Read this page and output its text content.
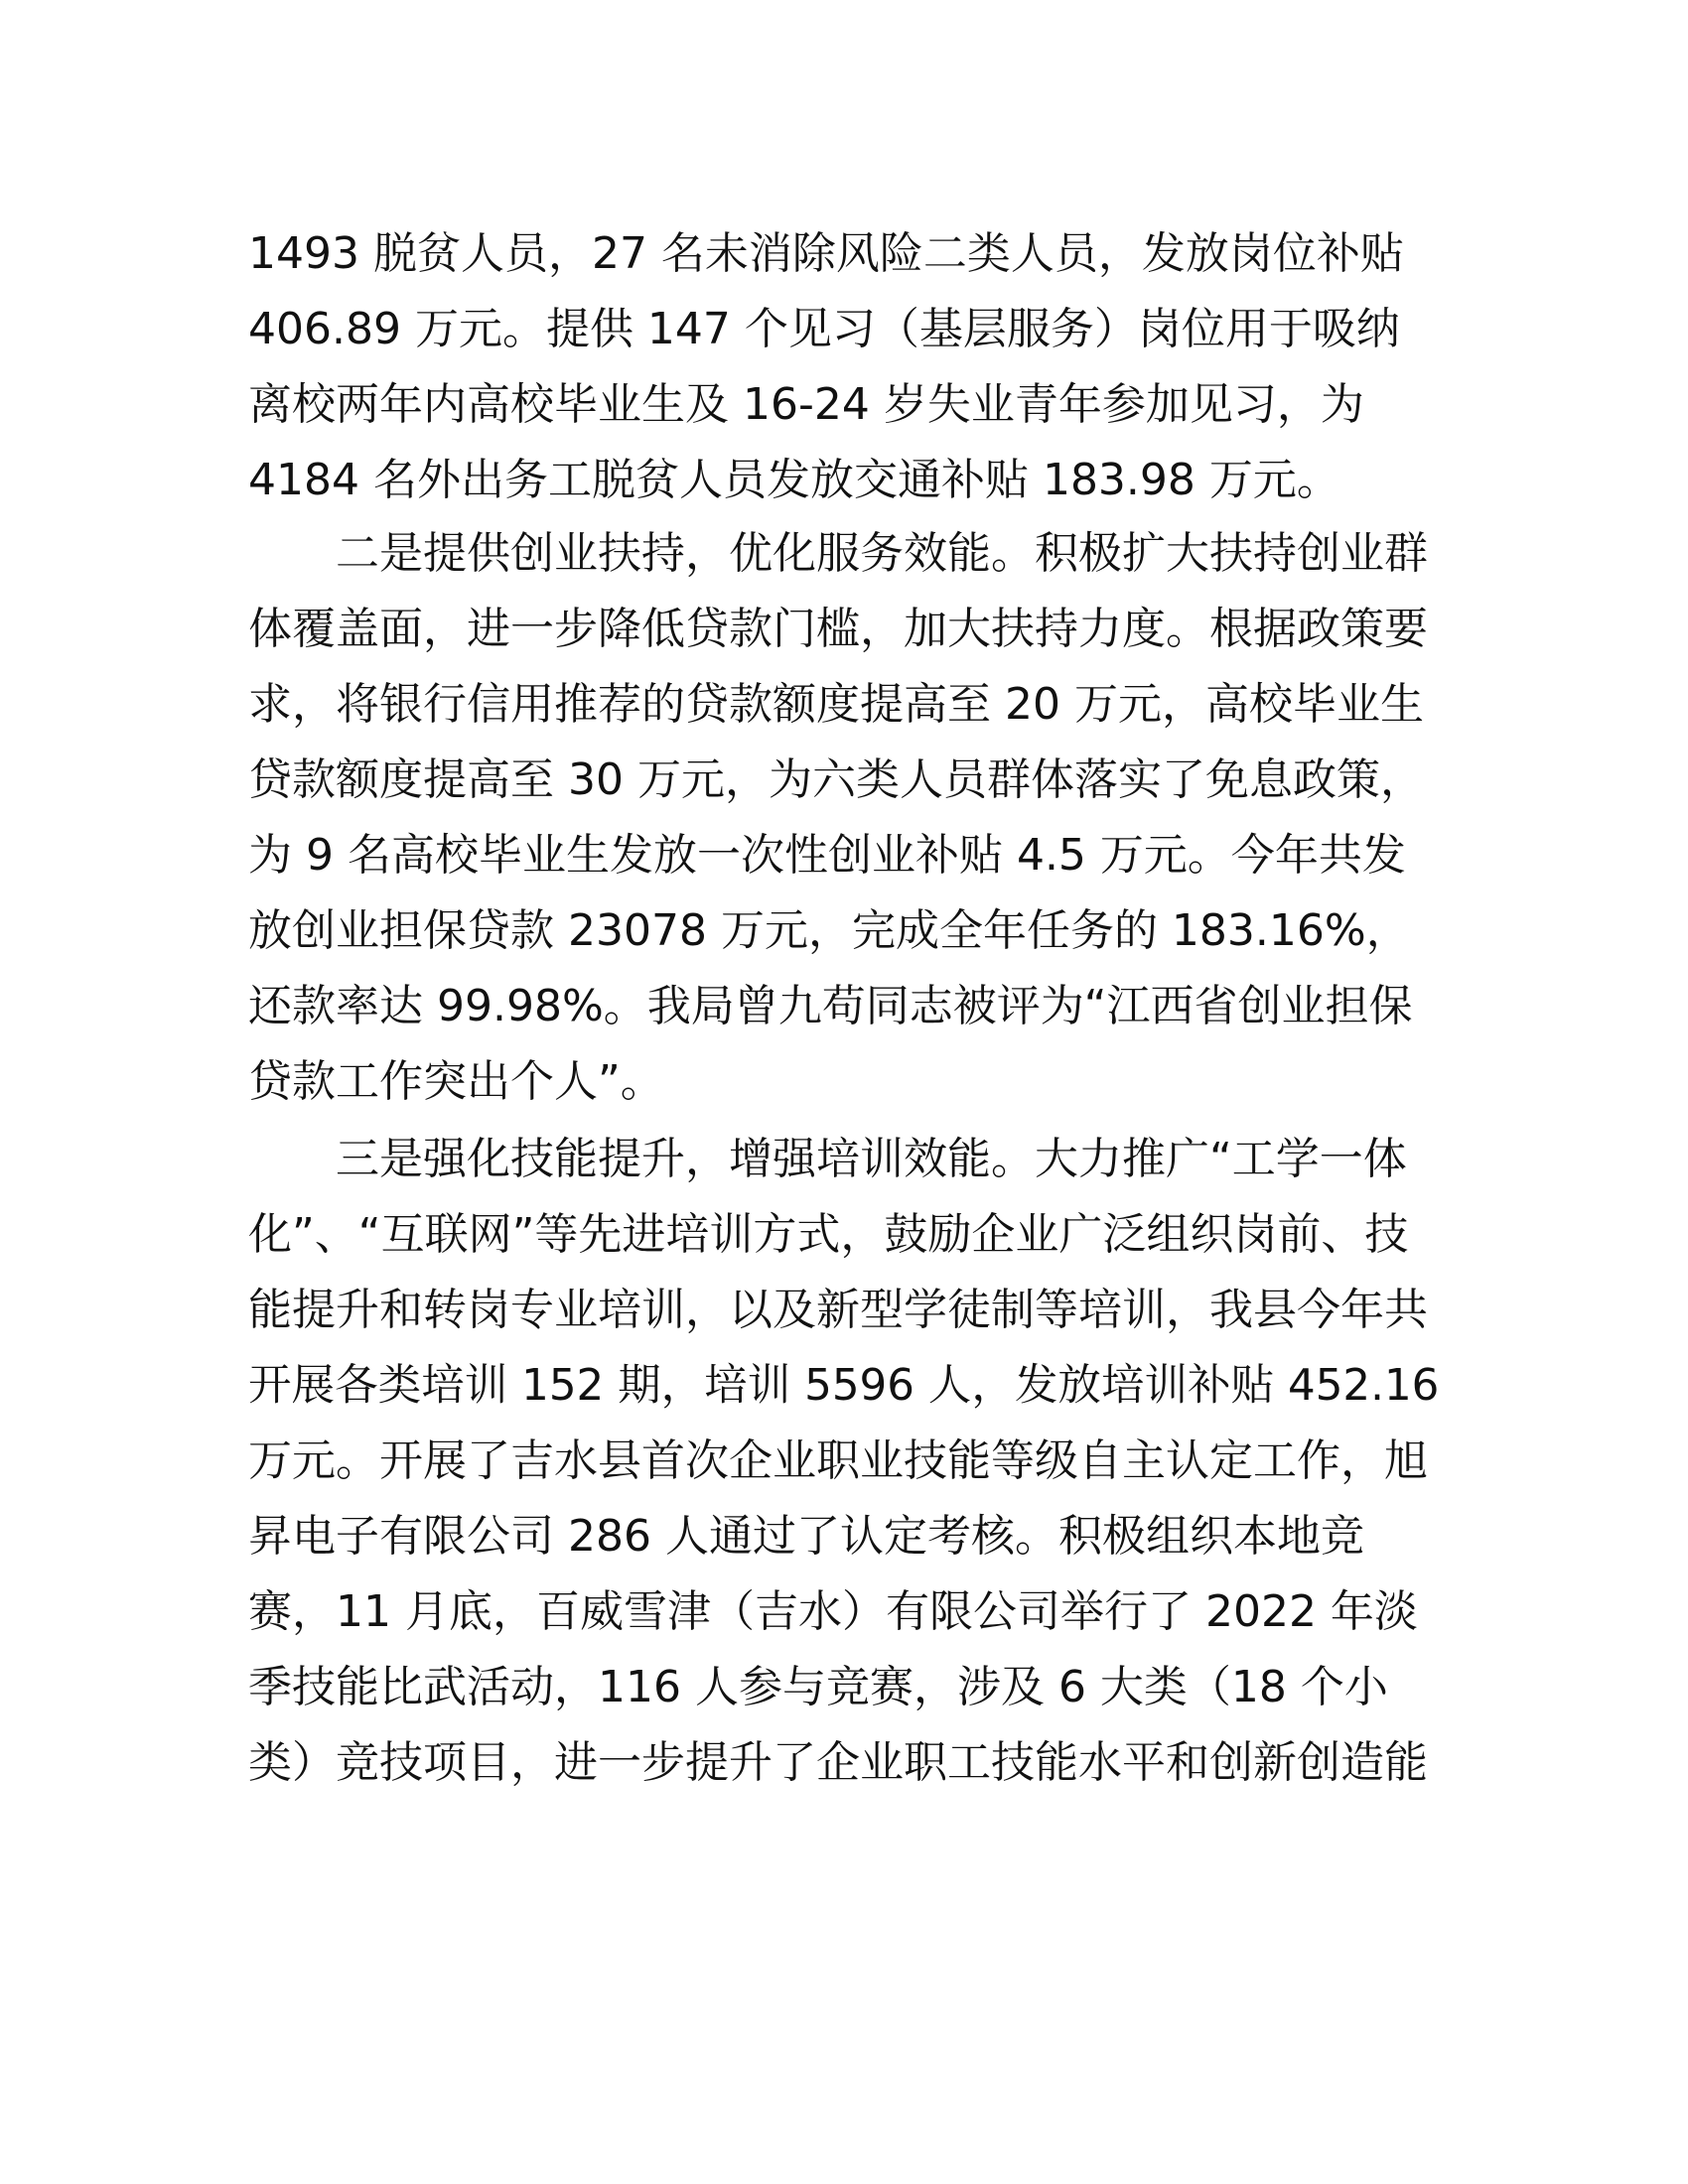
1493 脱贫人员，27 名未消除风险二类人员，发放岗位补贴
406.89 万元。提供 147 个见习（基层服务）岗位用于吸纳
离校两年内高校毕业生及 16-24 岁失业青年参加见习，为
4184 名外出务工脱贫人员发放交通补贴 183.98 万元。
二是提供创业扶持，优化服务效能。积极扩大扶持创业群
体覆盖面，进一步降低贷款门槛，加大扶持力度。根据政策要
求，将银行信用推荐的贷款额度提高至 20 万元，高校毕业生
贷款额度提高至 30 万元，为六类人员群体落实了免息政策，
为 9 名高校毕业生发放一次性创业补贴 4.5 万元。今年共发
放创业担保贷款 23078 万元，完成全年任务的 183.16%，
还款率达 99.98%。我局曾九苟同志被评为“江西省创业担保
贷款工作突出个人”。
三是强化技能提升，增强培训效能。大力推广“工学一体
化”、“互联网”等先进培训方式，鼓励企业广泛组织岗前、技
能提升和转岗专业培训，以及新型学徒制等培训，我县今年共
开展各类培训 152 期，培训 5596 人，发放培训补贴 452.16
万元。开展了吉水县首次企业职业技能等级自主认定工作，旭
昇电子有限公司 286 人通过了认定考核。积极组织本地竞
赛，11 月底，百威雪津（吉水）有限公司举行了 2022 年淡
季技能比武活动，116 人参与竞赛，涉及 6 大类（18 个小
类）竞技项目，进一步提升了企业职工技能水平和创新创造能
